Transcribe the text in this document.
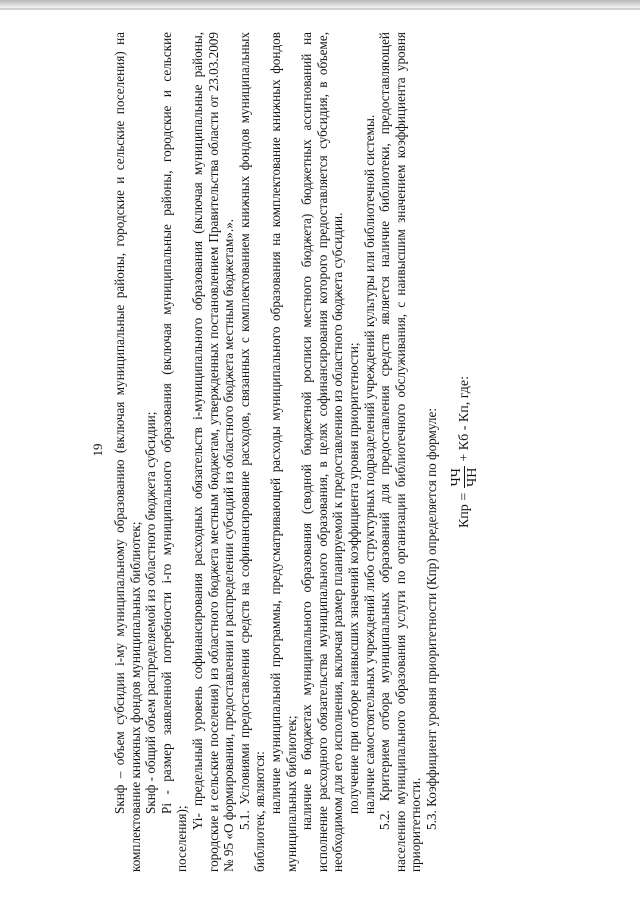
19 Sкнф – объем субсидии i-му муниципальному образованию (включая муниципальные районы, городские и сельские поселения) на комплектование книжных фондов муниципальных библиотек; Sкнф - общий объем распределяемой из областного бюджета субсидии; Pi - размер заявленной потребности i-го муниципального образования (включая муниципальные районы, городские и сельские поселения);

Yi- предельный уровень софинансирования расходных обязательств i-муниципального образования (включая муниципальные районы, городские и сельские поселения) из областного бюджета местным бюджетам, утвержденных постановлением Правительства области от 23.03.2009 № 95 «О формировании, предоставлении и распределении субсидий из областного бюджета местным бюджетам».». 5.1. Условиями предоставления средств на софинансирование расходов, связанных с комплектованием книжных фондов муниципальных библиотек, являются: наличие муниципальной программы, предусматривающей расходы муниципального образования на комплектование книжных фондов муниципальных библиотек; наличие в бюджетах муниципального образования (сводной бюджетной росписи местного бюджета) бюджетных ассигнований на исполнение расходного обязательства муниципального образования, в целях софинансирования которого предоставляется субсидия, в объеме, необходимом для его исполнения, включая размер планируемой к предоставлению из областного бюджета субсидии. получение при отборе наивысших значений коэффициента уровня приоритетности; наличие самостоятельных учреждений либо структурных подразделений учреждений культуры или библиотечной системы. 5.2. Критерием отбора муниципальных образований для предоставления средств является наличие библиотеки, предоставляющей населению муниципального образования услуги по организации библиотечного обслуживания, с наивысшим значением коэффициента уровня приоритетности. 5.3. Коэффициент уровня приоритетности (Кпр) определяется по формуле: Кпр =
ЧЧ ЧН
+ Кб - Кп, где:
